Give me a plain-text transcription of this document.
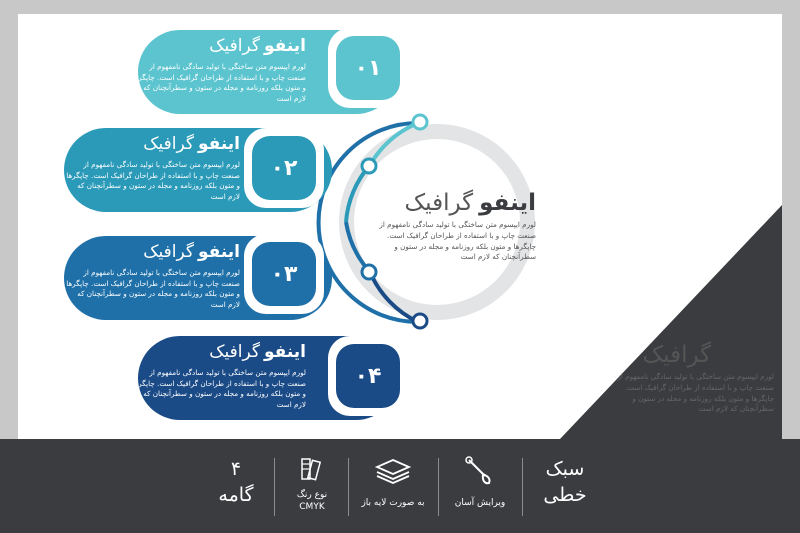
اینفوگرافیک
لورم ایپسوم متن ساختگی با تولید سادگی نامفهوم از صنعت چاپ و با استفاده از طراحان گرافیک است. چاپگرها و متون بلکه روزنامه و مجله در ستون و سطرآنچنان که لازم است
۰۱
اینفوگرافیک
لورم ایپسوم متن ساختگی با تولید سادگی نامفهوم از صنعت چاپ و با استفاده از طراحان گرافیک است. چاپگرها و متون بلکه روزنامه و مجله در ستون و سطرآنچنان که لازم است
۰۲
اینفوگرافیک
لورم ایپسوم متن ساختگی با تولید سادگی نامفهوم از صنعت چاپ و با استفاده از طراحان گرافیک است. چاپگرها و متون بلکه روزنامه و مجله در ستون و سطرآنچنان که لازم است
۰۳
اینفوگرافیک
لورم ایپسوم متن ساختگی با تولید سادگی نامفهوم از صنعت چاپ و با استفاده از طراحان گرافیک است. چاپگرها و متون بلکه روزنامه و مجله در ستون و سطرآنچنان که لازم است
۰۴
اینفوگرافیک
لورم ایپسوم متن ساختگی با تولید سادگی نامفهوم از صنعت چاپ و با استفاده از طراحان گرافیک است. چاپگرها و متون بلکه روزنامه و مجله در ستون و سطرآنچنان که لازم است
اینفوگرافیک
لورم ایپسوم متن ساختگی با تولید سادگی نامفهوم از صنعت چاپ و با استفاده از طراحان گرافیک است. چاپگرها و متون بلکه روزنامه و مجله در ستون و سطرآنچنان که لازم است
سبک
خطی
ویرایش آسان
به صورت لایه باز
نوع رنگ
CMYK
۴
گامه
